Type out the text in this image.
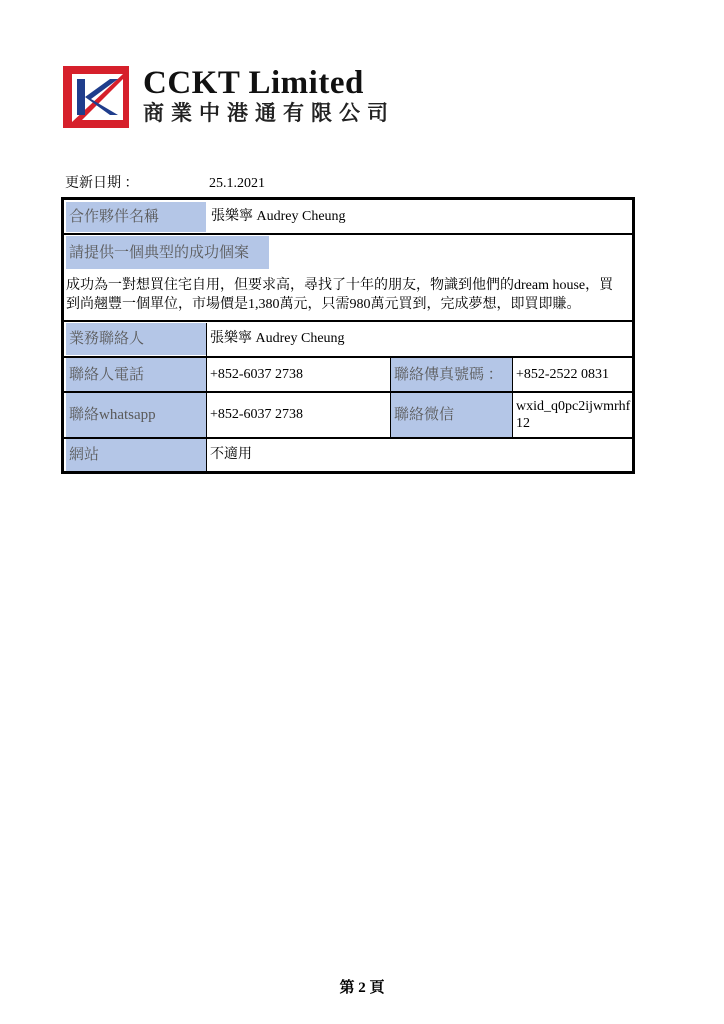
CCKT Limited
商業中港通有限公司
更新日期 ：	25.1.2021
合作夥伴名稱	張樂寧 Audrey Cheung
請提供一個典型的成功個案
成功為一對想買住宅自用，但要求高，尋找了十年的朋友，物識到他們的dream house，買
到尚翹豐一個單位，市場價是1,380萬元，只需980萬元買到，完成夢想，即買即賺。
業務聯絡人	張樂寧 Audrey Cheung
聯絡人電話	+852-6037 2738	聯絡傳真號碼 ： +852-2522 0831
聯絡whatsapp	+852-6037 2738	聯絡微信
wxid_q0pc2ijwmrhf12
網站	不適用
第 2 頁
